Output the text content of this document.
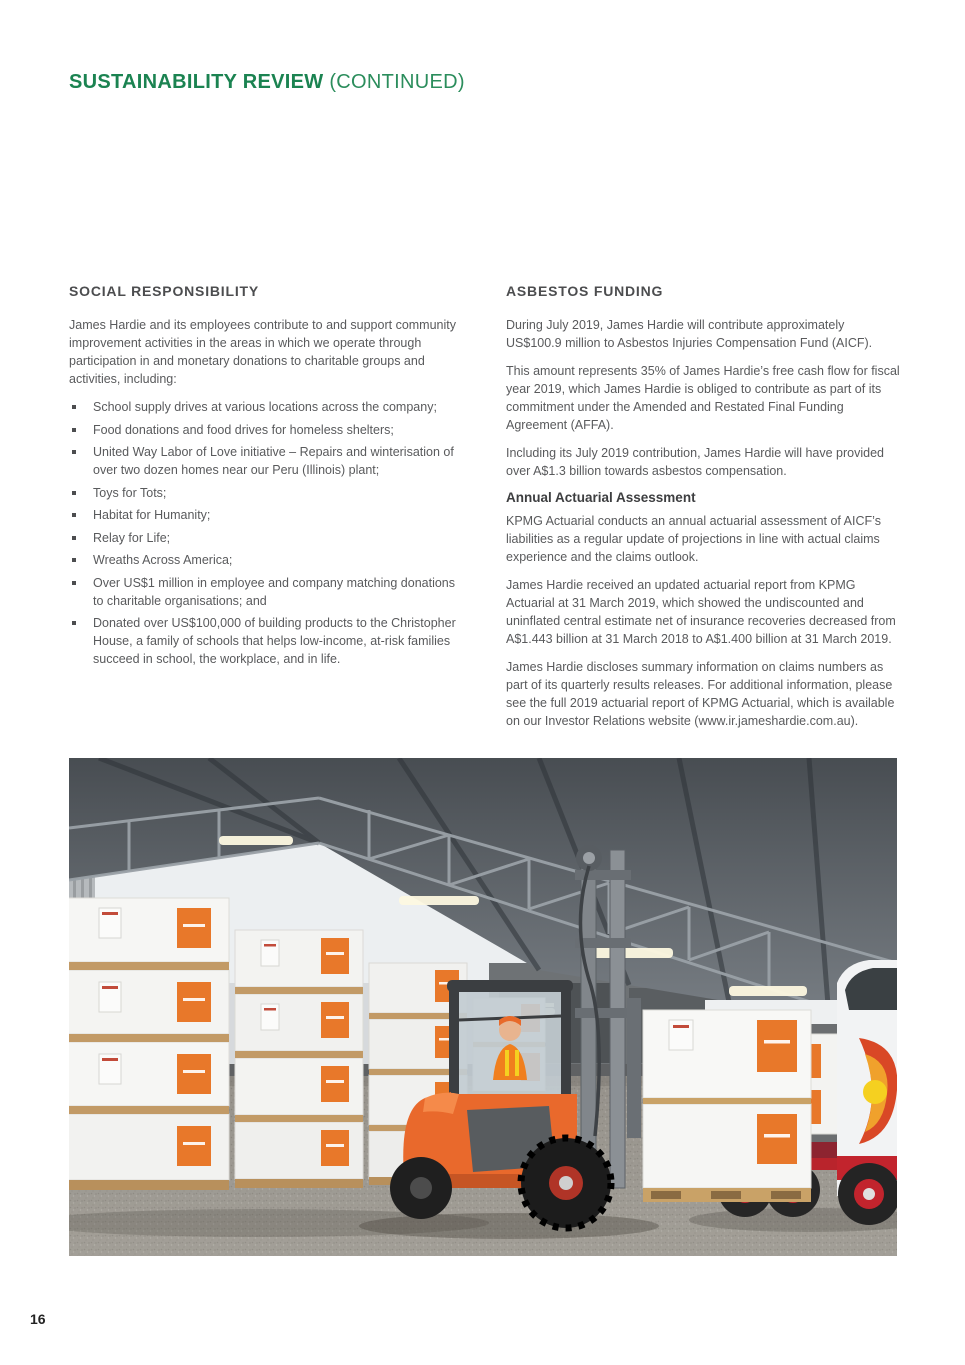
SUSTAINABILITY REVIEW (CONTINUED)
SOCIAL RESPONSIBILITY

James Hardie and its employees contribute to and support community improvement activities in the areas in which we operate through participation in and monetary donations to charitable groups and activities, including:

School supply drives at various locations across the company;
Food donations and food drives for homeless shelters;
United Way Labor of Love initiative – Repairs and winterisation of over two dozen homes near our Peru (Illinois) plant;
Toys for Tots;
Habitat for Humanity;
Relay for Life;
Wreaths Across America;
Over US$1 million in employee and company matching donations to charitable organisations; and
Donated over US$100,000 of building products to the Christopher House, a family of schools that helps low-income, at-risk families succeed in school, the workplace, and in life.
ASBESTOS FUNDING

During July 2019, James Hardie will contribute approximately US$100.9 million to Asbestos Injuries Compensation Fund (AICF).

This amount represents 35% of James Hardie’s free cash flow for fiscal year 2019, which James Hardie is obliged to contribute as part of its commitment under the Amended and Restated Final Funding Agreement (AFFA).

Including its July 2019 contribution, James Hardie will have provided over A$1.3 billion towards asbestos compensation.

Annual Actuarial Assessment

KPMG Actuarial conducts an annual actuarial assessment of AICF’s liabilities as a regular update of projections in line with actual claims experience and the claims outlook.

James Hardie received an updated actuarial report from KPMG Actuarial at 31 March 2019, which showed the undiscounted and uninflated central estimate net of insurance recoveries decreased from A$1.443 billion at 31 March 2018 to A$1.400 billion at 31 March 2019.

James Hardie discloses summary information on claims numbers as part of its quarterly results releases. For additional information, please see the full 2019 actuarial report of KPMG Actuarial, which is available on our Investor Relations website (www.ir.jameshardie.com.au).

16
